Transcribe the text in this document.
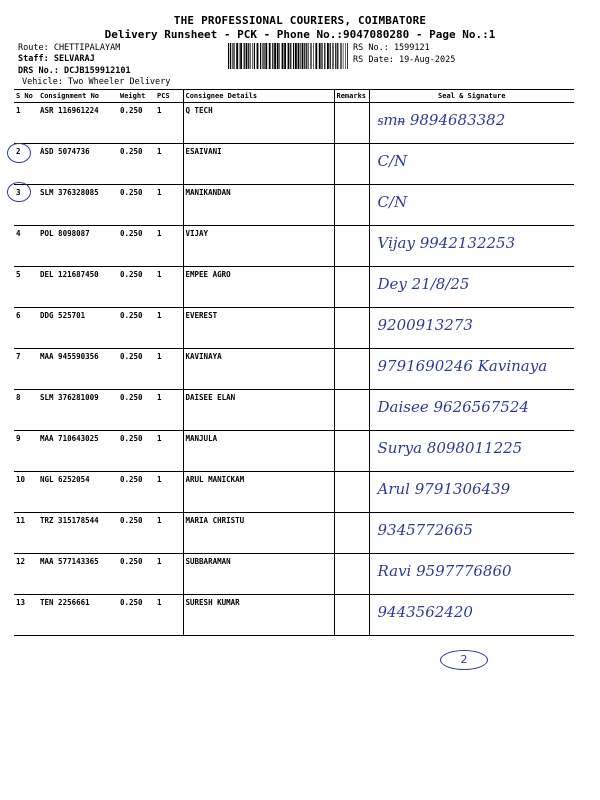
THE PROFESSIONAL COURIERS, COIMBATORE
Delivery Runsheet - PCK - Phone No.:9047080280 - Page No.:1
Route: CHETTIPALAYAM
Staff: SELVARAJ
DRS No.: DCJB159912101
Vehicle: Two Wheeler Delivery
RS No.: 1599121
RS Date: 19-Aug-2025
S No	Consignment No	Weight	PCS	Consignee Details	Remarks	Seal & Signature
1	ASR 116961224	0.250	1	Q TECH		ᵴmᵰ 9894683382

2	ASD 5074736	0.250	1	ESAIVANI		C/N

3	SLM 376328085	0.250	1	MANIKANDAN		C/N

4	POL 8098087	0.250	1	VIJAY		Vijay 9942132253

5	DEL 121687450	0.250	1	EMPEE AGRO		Dey 21/8/25

6	DDG 525701	0.250	1	EVEREST		9200913273

7	MAA 945590356	0.250	1	KAVINAYA		9791690246 Kavinaya

8	SLM 376281009	0.250	1	DAISEE ELAN		Daisee 9626567524

9	MAA 710643025	0.250	1	MANJULA		Surya 8098011225

10	NGL 6252054	0.250	1	ARUL MANICKAM		Arul 9791306439

11	TRZ 315178544	0.250	1	MARIA CHRISTU		9345772665

12	MAA 577143365	0.250	1	SUBBARAMAN		Ravi 9597776860

13	TEN 2256661	0.250	1	SURESH KUMAR		9443562420
2
